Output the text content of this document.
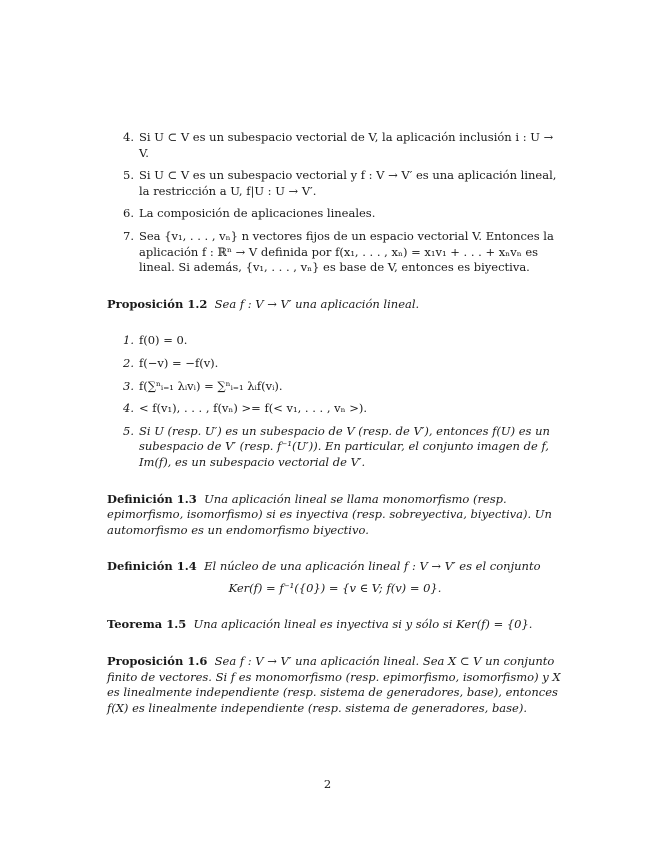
4. Si U ⊂ V es un subespacio vectorial de V, la aplicación inclusión i : U → V.

5. Si U ⊂ V es un subespacio vectorial y f : V → V′ es una aplicación lineal, la restricción a U, f|U : U → V′.

6. La composición de aplicaciones lineales.

7. Sea {v₁, . . . , vₙ} n vectores fijos de un espacio vectorial V. Entonces la aplicación f : ℝⁿ → V definida por f(x₁, . . . , xₙ) = x₁v₁ + . . . + xₙvₙ es lineal. Si además, {v₁, . . . , vₙ} es base de V, entonces es biyectiva.

Proposición 1.2 Sea f : V → V′ una aplicación lineal.

1. f(0) = 0.

2. f(−v) = −f(v).

3. f(∑ⁿᵢ₌₁ λᵢvᵢ) = ∑ⁿᵢ₌₁ λᵢf(vᵢ).

4. < f(v₁), . . . , f(vₙ) >= f(< v₁, . . . , vₙ >).

5. Si U (resp. U′) es un subespacio de V (resp. de V′), entonces f(U) es un subespacio de V′ (resp. f⁻¹(U′)). En particular, el conjunto imagen de f, Im(f), es un subespacio vectorial de V′.

Definición 1.3 Una aplicación lineal se llama monomorfismo (resp. epimorfismo, isomorfismo) si es inyectiva (resp. sobreyectiva, biyectiva). Un automorfismo es un endomorfismo biyectivo.

Definición 1.4 El núcleo de una aplicación lineal f : V → V′ es el conjunto

Ker(f) = f⁻¹({0}) = {v ∈ V; f(v) = 0}.

Teorema 1.5 Una aplicación lineal es inyectiva si y sólo si Ker(f) = {0}.

Proposición 1.6 Sea f : V → V′ una aplicación lineal. Sea X ⊂ V un conjunto finito de vectores. Si f es monomorfismo (resp. epimorfismo, isomorfismo) y X es linealmente independiente (resp. sistema de generadores, base), entonces f(X) es linealmente independiente (resp. sistema de generadores, base).

2
